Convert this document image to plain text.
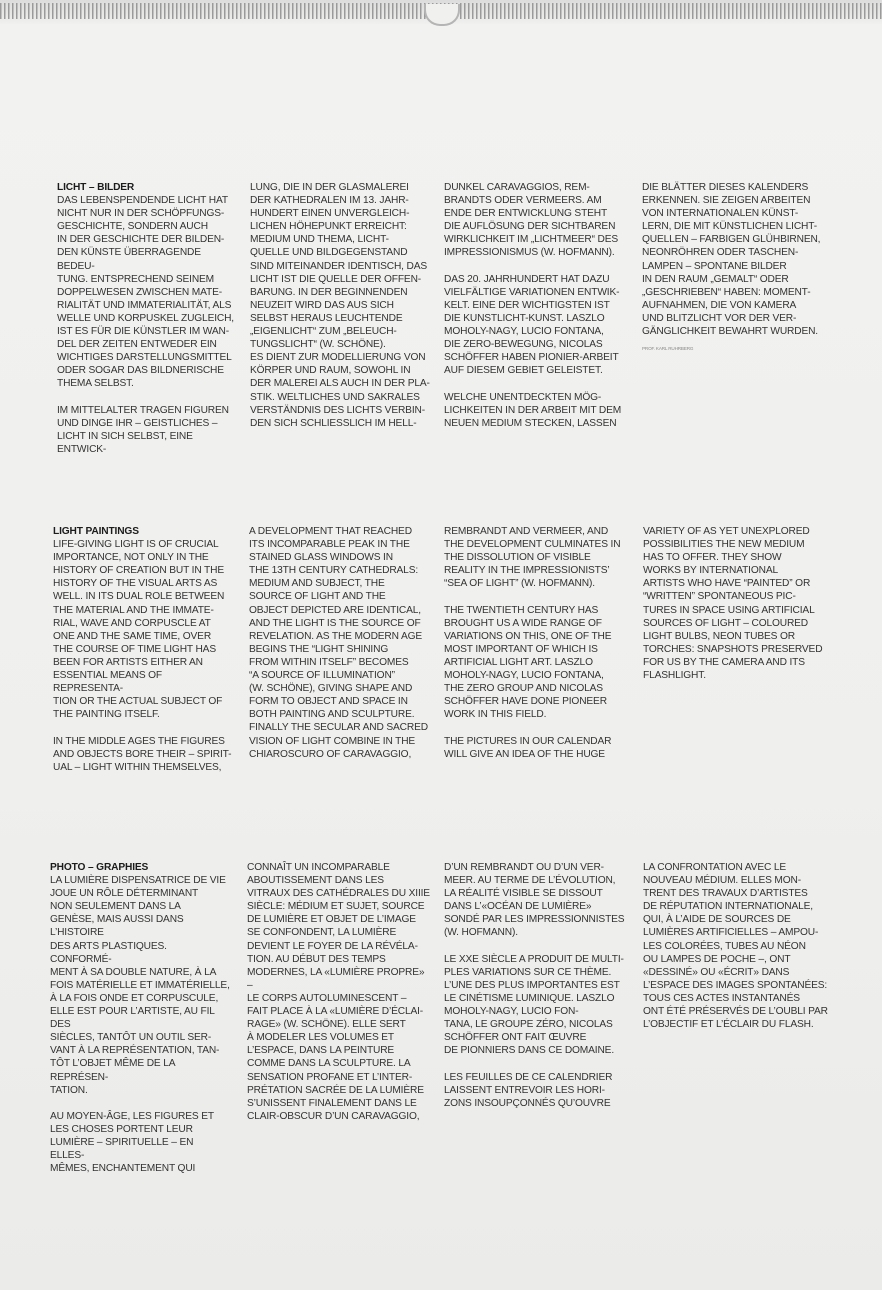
LICHT – BILDER
DAS LEBENSPENDENDE LICHT HAT
NICHT NUR IN DER SCHÖPFUNGS-
GESCHICHTE, SONDERN AUCH
IN DER GESCHICHTE DER BILDEN-
DEN KÜNSTE ÜBERRAGENDE BEDEU-
TUNG. ENTSPRECHEND SEINEM
DOPPELWESEN ZWISCHEN MATE-
RIALITÄT UND IMMATERIALITÄT, ALS
WELLE UND KORPUSKEL ZUGLEICH,
IST ES FÜR DIE KÜNSTLER IM WAN-
DEL DER ZEITEN ENTWEDER EIN
WICHTIGES DARSTELLUNGSMITTEL
ODER SOGAR DAS BILDNERISCHE
THEMA SELBST.

IM MITTELALTER TRAGEN FIGUREN
UND DINGE IHR – GEISTLICHES –
LICHT IN SICH SELBST, EINE ENTWICK-
LUNG, DIE IN DER GLASMALEREI
DER KATHEDRALEN IM 13. JAHR-
HUNDERT EINEN UNVERGLEICH-
LICHEN HÖHEPUNKT ERREICHT:
MEDIUM UND THEMA, LICHT-
QUELLE UND BILDGEGENSTAND
SIND MITEINANDER IDENTISCH, DAS
LICHT IST DIE QUELLE DER OFFEN-
BARUNG. IN DER BEGINNENDEN
NEUZEIT WIRD DAS AUS SICH
SELBST HERAUS LEUCHTENDE
„EIGENLICHT“ ZUM „BELEUCH-
TUNGSLICHT“ (W. SCHÖNE).
ES DIENT ZUR MODELLIERUNG VON
KÖRPER UND RAUM, SOWOHL IN
DER MALEREI ALS AUCH IN DER PLA-
STIK. WELTLICHES UND SAKRALES
VERSTÄNDNIS DES LICHTS VERBIN-
DEN SICH SCHLIESSLICH IM HELL-
DUNKEL CARAVAGGIOS, REM-
BRANDTS ODER VERMEERS. AM
ENDE DER ENTWICKLUNG STEHT
DIE AUFLÖSUNG DER SICHTBAREN
WIRKLICHKEIT IM „LICHTMEER“ DES
IMPRESSIONISMUS (W. HOFMANN).

DAS 20. JAHRHUNDERT HAT DAZU
VIELFÄLTIGE VARIATIONEN ENTWIK-
KELT. EINE DER WICHTIGSTEN IST
DIE KUNSTLICHT-KUNST. LASZLO
MOHOLY-NAGY, LUCIO FONTANA,
DIE ZERO-BEWEGUNG, NICOLAS
SCHÖFFER HABEN PIONIER-ARBEIT
AUF DIESEM GEBIET GELEISTET.

WELCHE UNENTDECKTEN MÖG-
LICHKEITEN IN DER ARBEIT MIT DEM
NEUEN MEDIUM STECKEN, LASSEN
DIE BLÄTTER DIESES KALENDERS
ERKENNEN. SIE ZEIGEN ARBEITEN
VON INTERNATIONALEN KÜNST-
LERN, DIE MIT KÜNSTLICHEN LICHT-
QUELLEN – FARBIGEN GLÜHBIRNEN,
NEONRÖHREN ODER TASCHEN-
LAMPEN – SPONTANE BILDER
IN DEN RAUM „GEMALT“ ODER
„GESCHRIEBEN“ HABEN: MOMENT-
AUFNAHMEN, DIE VON KAMERA
UND BLITZLICHT VOR DER VER-
GÄNGLICHKEIT BEWAHRT WURDEN.
PROF. KARL RUHRBERG
LIGHT PAINTINGS
LIFE-GIVING LIGHT IS OF CRUCIAL
IMPORTANCE, NOT ONLY IN THE
HISTORY OF CREATION BUT IN THE
HISTORY OF THE VISUAL ARTS AS
WELL. IN ITS DUAL ROLE BETWEEN
THE MATERIAL AND THE IMMATE-
RIAL, WAVE AND CORPUSCLE AT
ONE AND THE SAME TIME, OVER
THE COURSE OF TIME LIGHT HAS
BEEN FOR ARTISTS EITHER AN
ESSENTIAL MEANS OF REPRESENTA-
TION OR THE ACTUAL SUBJECT OF
THE PAINTING ITSELF.

IN THE MIDDLE AGES THE FIGURES
AND OBJECTS BORE THEIR – SPIRIT-
UAL – LIGHT WITHIN THEMSELVES,
A DEVELOPMENT THAT REACHED
ITS INCOMPARABLE PEAK IN THE
STAINED GLASS WINDOWS IN
THE 13TH CENTURY CATHEDRALS:
MEDIUM AND SUBJECT, THE
SOURCE OF LIGHT AND THE
OBJECT DEPICTED ARE IDENTICAL,
AND THE LIGHT IS THE SOURCE OF
REVELATION. AS THE MODERN AGE
BEGINS THE “LIGHT SHINING
FROM WITHIN ITSELF” BECOMES
“A SOURCE OF ILLUMINATION”
(W. SCHÖNE), GIVING SHAPE AND
FORM TO OBJECT AND SPACE IN
BOTH PAINTING AND SCULPTURE.
FINALLY THE SECULAR AND SACRED
VISION OF LIGHT COMBINE IN THE
CHIAROSCURO OF CARAVAGGIO,
REMBRANDT AND VERMEER, AND
THE DEVELOPMENT CULMINATES IN
THE DISSOLUTION OF VISIBLE
REALITY IN THE IMPRESSIONISTS’
“SEA OF LIGHT” (W. HOFMANN).

THE TWENTIETH CENTURY HAS
BROUGHT US A WIDE RANGE OF
VARIATIONS ON THIS, ONE OF THE
MOST IMPORTANT OF WHICH IS
ARTIFICIAL LIGHT ART. LASZLO
MOHOLY-NAGY, LUCIO FONTANA,
THE ZERO GROUP AND NICOLAS
SCHÖFFER HAVE DONE PIONEER
WORK IN THIS FIELD.

THE PICTURES IN OUR CALENDAR
WILL GIVE AN IDEA OF THE HUGE
VARIETY OF AS YET UNEXPLORED
POSSIBILITIES THE NEW MEDIUM
HAS TO OFFER. THEY SHOW
WORKS BY INTERNATIONAL
ARTISTS WHO HAVE “PAINTED” OR
“WRITTEN” SPONTANEOUS PIC-
TURES IN SPACE USING ARTIFICIAL
SOURCES OF LIGHT – COLOURED
LIGHT BULBS, NEON TUBES OR
TORCHES: SNAPSHOTS PRESERVED
FOR US BY THE CAMERA AND ITS
FLASHLIGHT.
PHOTO – GRAPHIES
LA LUMIÈRE DISPENSATRICE DE VIE
JOUE UN RÔLE DÉTERMINANT
NON SEULEMENT DANS LA
GENÈSE, MAIS AUSSI DANS L’HISTOIRE
DES ARTS PLASTIQUES. CONFORMÉ-
MENT À SA DOUBLE NATURE, À LA
FOIS MATÉRIELLE ET IMMATÉRIELLE,
À LA FOIS ONDE ET CORPUSCULE,
ELLE EST POUR L’ARTISTE, AU FIL DES
SIÈCLES, TANTÔT UN OUTIL SER-
VANT À LA REPRÉSENTATION, TAN-
TÔT L’OBJET MÊME DE LA REPRÉSEN-
TATION.

AU MOYEN-ÂGE, LES FIGURES ET
LES CHOSES PORTENT LEUR
LUMIÈRE – SPIRITUELLE – EN ELLES-
MÊMES, ENCHANTEMENT QUI
CONNAÎT UN INCOMPARABLE
ABOUTISSEMENT DANS LES
VITRAUX DES CATHÉDRALES DU XIIIE
SIÈCLE: MÉDIUM ET SUJET, SOURCE
DE LUMIÈRE ET OBJET DE L’IMAGE
SE CONFONDENT, LA LUMIÈRE
DEVIENT LE FOYER DE LA RÉVÉLA-
TION. AU DÉBUT DES TEMPS
MODERNES, LA «LUMIÈRE PROPRE» –
LE CORPS AUTOLUMINESCENT –
FAIT PLACE À LA «LUMIÈRE D’ÉCLAI-
RAGE» (W. SCHÖNE). ELLE SERT
À MODELER LES VOLUMES ET
L’ESPACE, DANS LA PEINTURE
COMME DANS LA SCULPTURE. LA
SENSATION PROFANE ET L’INTER-
PRÉTATION SACRÉE DE LA LUMIÈRE
S’UNISSENT FINALEMENT DANS LE
CLAIR-OBSCUR D’UN CARAVAGGIO,
D’UN REMBRANDT OU D’UN VER-
MEER. AU TERME DE L’ÉVOLUTION,
LA RÉALITÉ VISIBLE SE DISSOUT
DANS L’«OCÉAN DE LUMIÈRE»
SONDÉ PAR LES IMPRESSIONNISTES
(W. HOFMANN).

LE XXE SIÈCLE A PRODUIT DE MULTI-
PLES VARIATIONS SUR CE THÈME.
L’UNE DES PLUS IMPORTANTES EST
LE CINÉTISME LUMINIQUE. LASZLO
MOHOLY-NAGY, LUCIO FON-
TANA, LE GROUPE ZÉRO, NICOLAS
SCHÖFFER ONT FAIT ŒUVRE
DE PIONNIERS DANS CE DOMAINE.

LES FEUILLES DE CE CALENDRIER
LAISSENT ENTREVOIR LES HORI-
ZONS INSOUPÇONNÉS QU’OUVRE
LA CONFRONTATION AVEC LE
NOUVEAU MÉDIUM. ELLES MON-
TRENT DES TRAVAUX D’ARTISTES
DE RÉPUTATION INTERNATIONALE,
QUI, À L’AIDE DE SOURCES DE
LUMIÈRES ARTIFICIELLES – AMPOU-
LES COLORÉES, TUBES AU NÉON
OU LAMPES DE POCHE –, ONT
«DESSINÉ» OU «ÉCRIT» DANS
L’ESPACE DES IMAGES SPONTANÉES:
TOUS CES ACTES INSTANTANÉS
ONT ÉTÉ PRÉSERVÉS DE L’OUBLI PAR
L’OBJECTIF ET L’ÉCLAIR DU FLASH.
